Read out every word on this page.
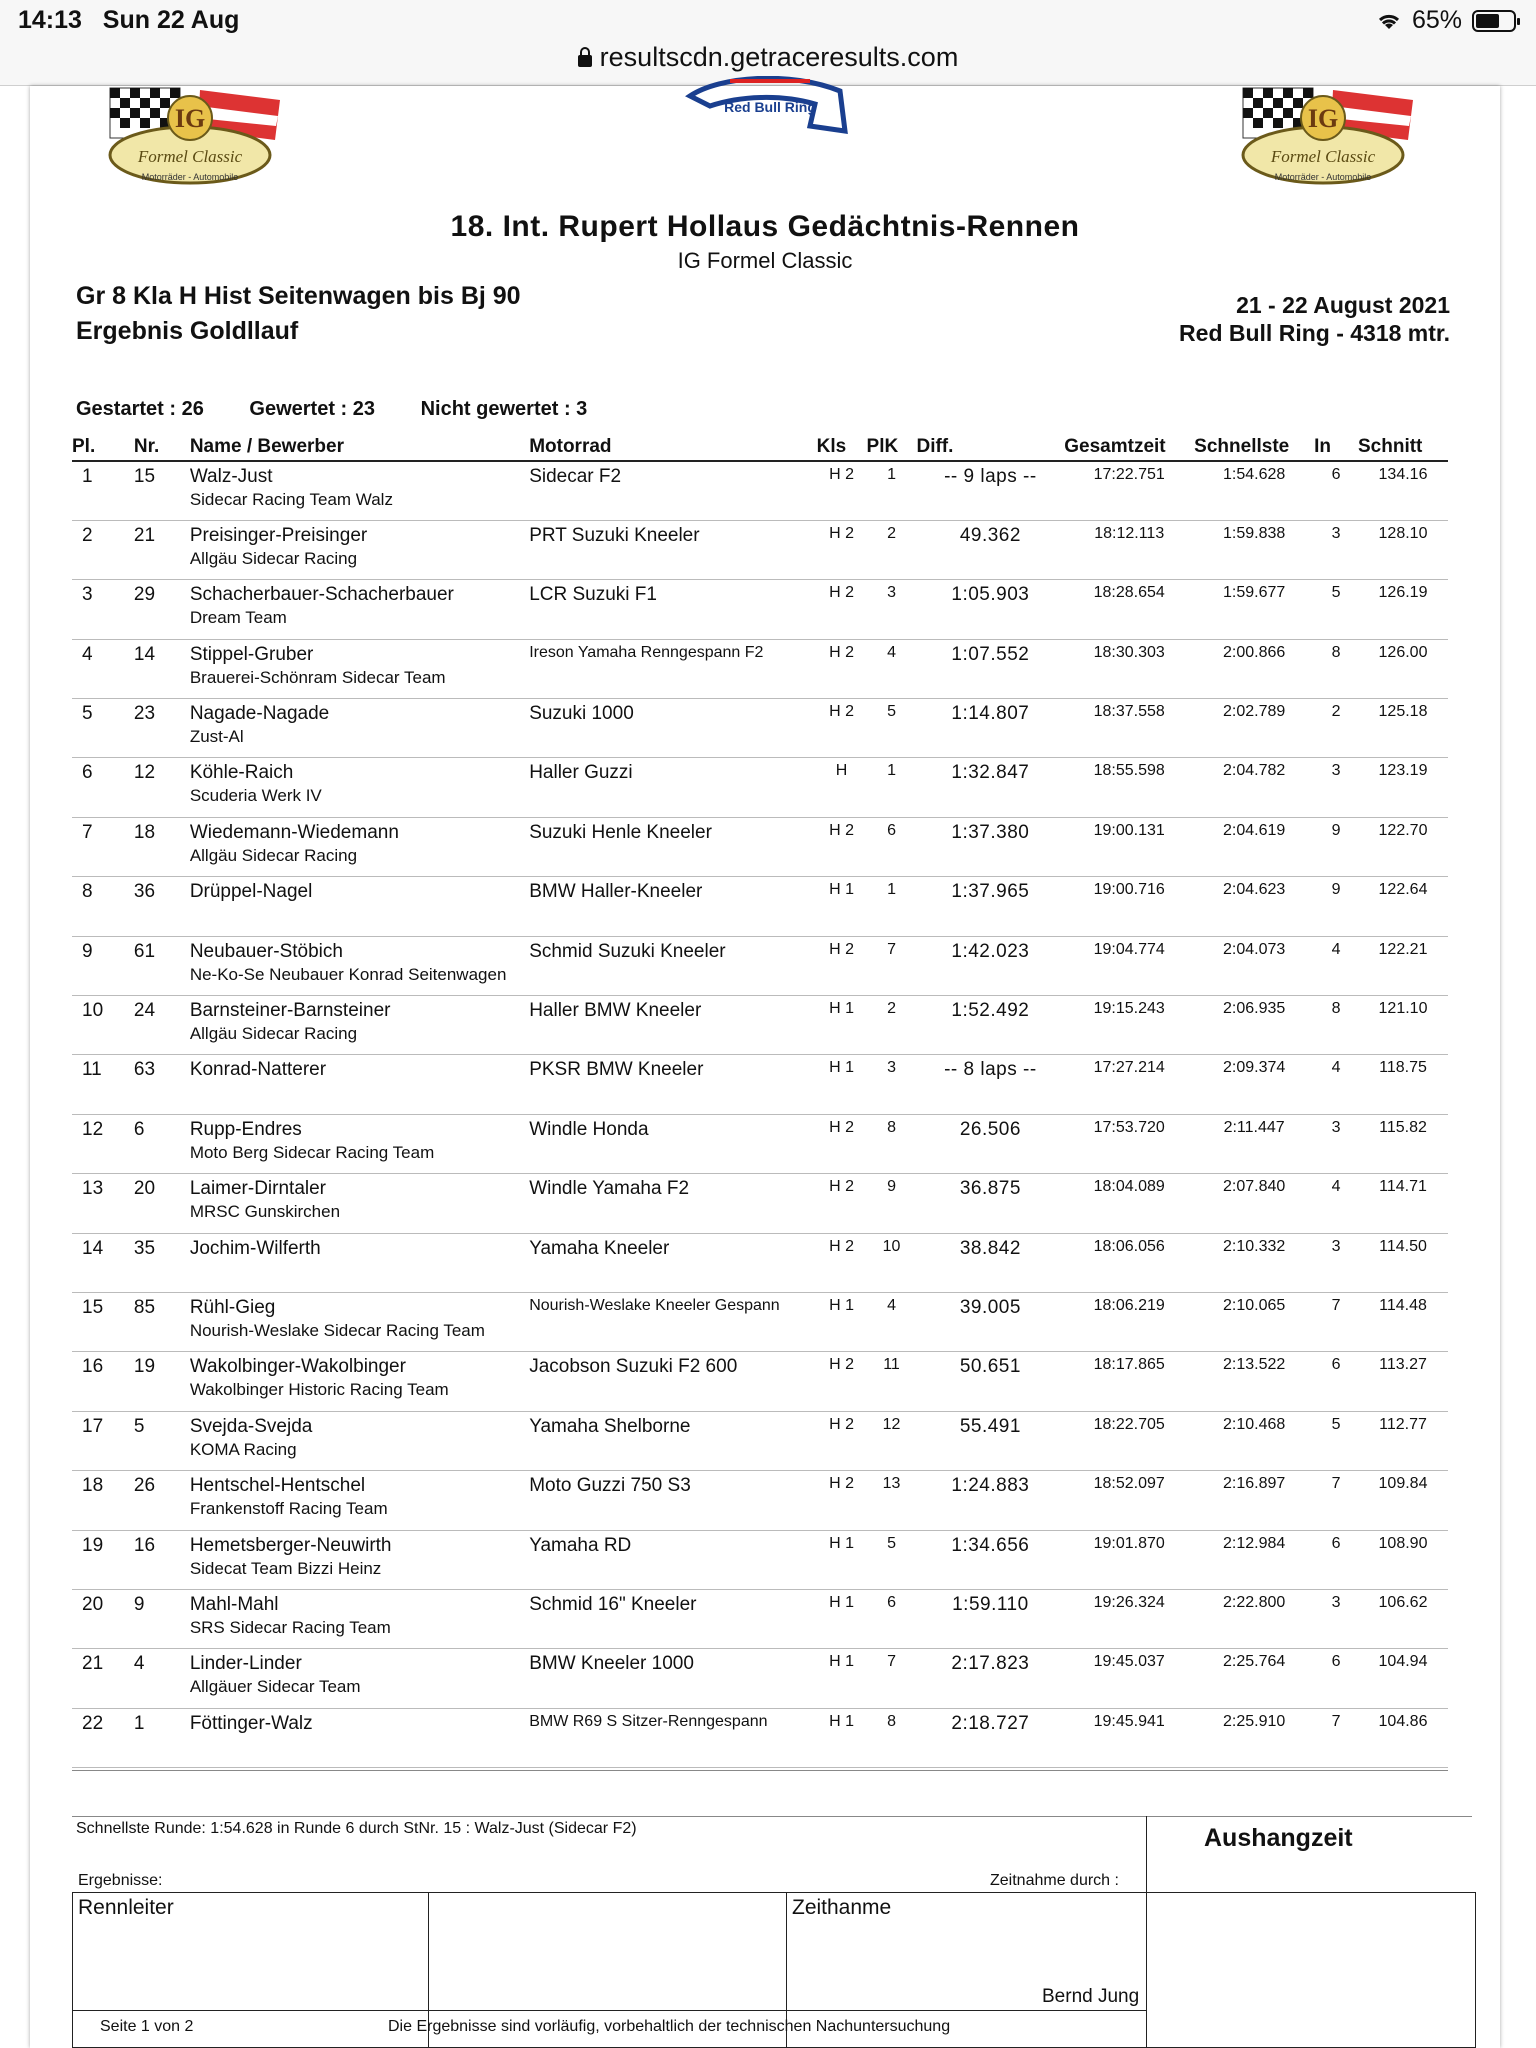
14:13 Sun 22 Aug	65%
resultscdn.getraceresults.com
IG
Formel Classic
Motorräder - Automobile
IG
Formel Classic
Motorräder - Automobile
Red Bull Ring
18. Int. Rupert Hollaus Gedächtnis-Rennen
IG Formel Classic
Gr 8 Kla H Hist Seitenwagen bis Bj 90
Ergebnis Goldllauf
21 - 22 August 2021
Red Bull Ring - 4318 mtr.
Gestartet : 26 Gewertet : 23 Nicht gewertet : 3
Pl.	Nr.	Name / Bewerber	Motorrad	Kls	PlK	Diff.	Gesamtzeit	Schnellste	In	Schnitt
1	15	Walz-Just
Sidecar Racing Team Walz	Sidecar F2	H 2	1	-- 9 laps --	17:22.751	1:54.628	6	134.16
2	21	Preisinger-Preisinger
Allgäu Sidecar Racing	PRT Suzuki Kneeler	H 2	2	49.362	18:12.113	1:59.838	3	128.10
3	29	Schacherbauer-Schacherbauer
Dream Team	LCR Suzuki F1	H 2	3	1:05.903	18:28.654	1:59.677	5	126.19
4	14	Stippel-Gruber
Brauerei-Schönram Sidecar Team	Ireson Yamaha Renngespann F2	H 2	4	1:07.552	18:30.303	2:00.866	8	126.00
5	23	Nagade-Nagade
Zust-Al	Suzuki 1000	H 2	5	1:14.807	18:37.558	2:02.789	2	125.18
6	12	Köhle-Raich
Scuderia Werk IV	Haller Guzzi	H	1	1:32.847	18:55.598	2:04.782	3	123.19
7	18	Wiedemann-Wiedemann
Allgäu Sidecar Racing	Suzuki Henle Kneeler	H 2	6	1:37.380	19:00.131	2:04.619	9	122.70
8	36	Drüppel-Nagel	BMW Haller-Kneeler	H 1	1	1:37.965	19:00.716	2:04.623	9	122.64
9	61	Neubauer-Stöbich
Ne-Ko-Se Neubauer Konrad Seitenwagen	Schmid Suzuki Kneeler	H 2	7	1:42.023	19:04.774	2:04.073	4	122.21
10	24	Barnsteiner-Barnsteiner
Allgäu Sidecar Racing	Haller BMW Kneeler	H 1	2	1:52.492	19:15.243	2:06.935	8	121.10
11	63	Konrad-Natterer	PKSR BMW Kneeler	H 1	3	-- 8 laps --	17:27.214	2:09.374	4	118.75
12	6	Rupp-Endres
Moto Berg Sidecar Racing Team	Windle Honda	H 2	8	26.506	17:53.720	2:11.447	3	115.82
13	20	Laimer-Dirntaler
MRSC Gunskirchen	Windle Yamaha F2	H 2	9	36.875	18:04.089	2:07.840	4	114.71
14	35	Jochim-Wilferth	Yamaha Kneeler	H 2	10	38.842	18:06.056	2:10.332	3	114.50
15	85	Rühl-Gieg
Nourish-Weslake Sidecar Racing Team	Nourish-Weslake Kneeler Gespann	H 1	4	39.005	18:06.219	2:10.065	7	114.48
16	19	Wakolbinger-Wakolbinger
Wakolbinger Historic Racing Team	Jacobson Suzuki F2 600	H 2	11	50.651	18:17.865	2:13.522	6	113.27
17	5	Svejda-Svejda
KOMA Racing	Yamaha Shelborne	H 2	12	55.491	18:22.705	2:10.468	5	112.77
18	26	Hentschel-Hentschel
Frankenstoff Racing Team	Moto Guzzi 750 S3	H 2	13	1:24.883	18:52.097	2:16.897	7	109.84
19	16	Hemetsberger-Neuwirth
Sidecat Team Bizzi Heinz	Yamaha RD	H 1	5	1:34.656	19:01.870	2:12.984	6	108.90
20	9	Mahl-Mahl
SRS Sidecar Racing Team	Schmid 16" Kneeler	H 1	6	1:59.110	19:26.324	2:22.800	3	106.62
21	4	Linder-Linder
Allgäuer Sidecar Team	BMW Kneeler 1000	H 1	7	2:17.823	19:45.037	2:25.764	6	104.94
22	1	Föttinger-Walz	BMW R69 S Sitzer-Renngespann	H 1	8	2:18.727	19:45.941	2:25.910	7	104.86
Schnellste Runde: 1:54.628 in Runde 6 durch StNr. 15 : Walz-Just (Sidecar F2)	Aushangzeit
Ergebnisse:	Zeitnahme durch :
Rennleiter	Zeithanme
Bernd Jung
Seite 1 von 2	Die Ergebnisse sind vorläufig, vorbehaltlich der technischen Nachuntersuchung
